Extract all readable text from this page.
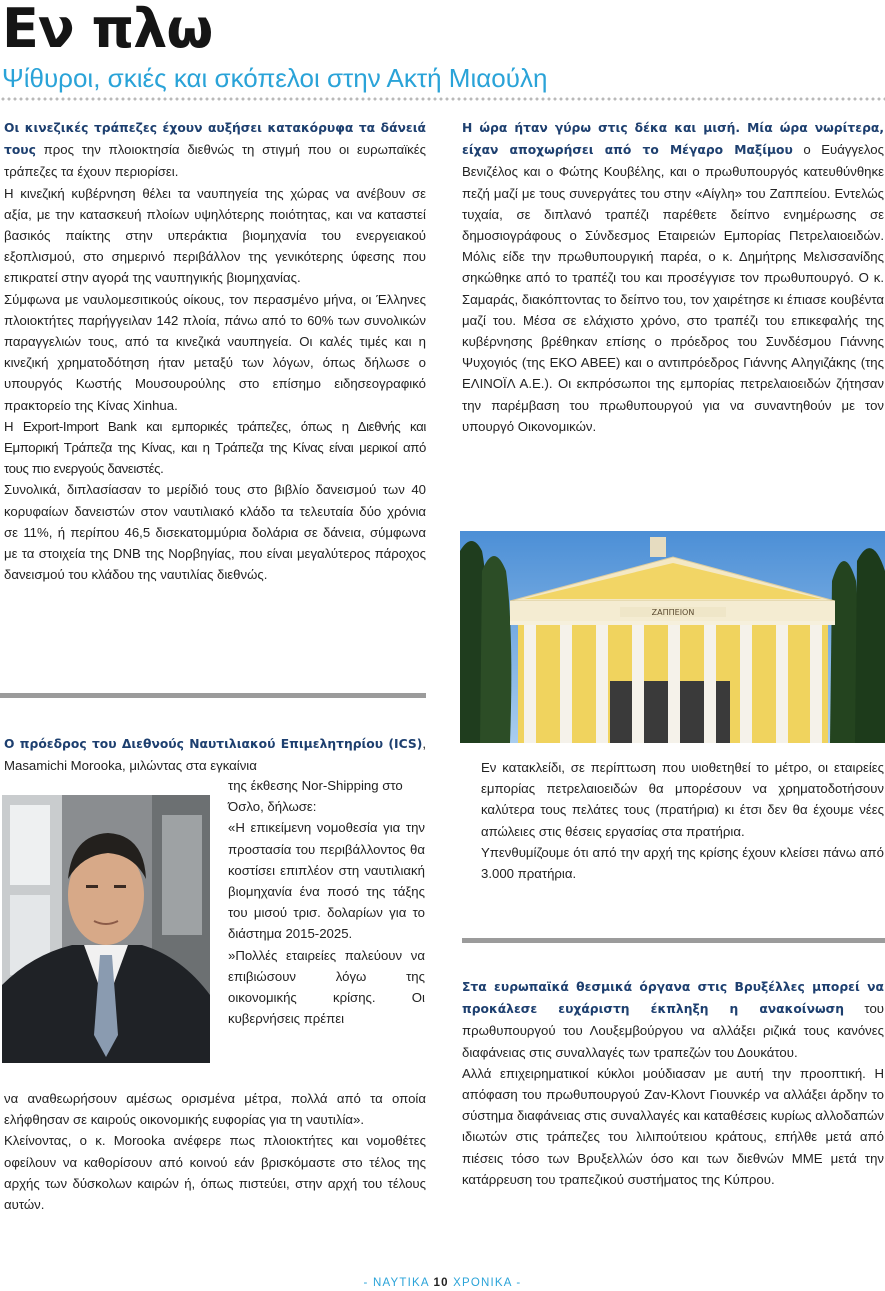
Εν πλω
Ψίθυροι, σκιές και σκόπελοι στην Ακτή Μιαούλη

Οι κινεζικές τράπεζες έχουν αυξήσει κατακόρυφα τα δάνειά τους προς την πλοιοκτησία διεθνώς τη στιγμή που οι ευρωπαϊκές τράπεζες τα έχουν περιορίσει.

Η κινεζική κυβέρνηση θέλει τα ναυπηγεία της χώρας να ανέβουν σε αξία, με την κατασκευή πλοίων υψηλότερης ποιότητας, και να καταστεί βασικός παίκτης στην υπεράκτια βιομηχανία του ενεργειακού εξοπλισμού, στο σημερινό περιβάλλον της γενικότερης ύφεσης που επικρατεί στην αγορά της ναυπηγικής βιομηχανίας.

Σύμφωνα με ναυλομεσιτικούς οίκους, τον περασμένο μήνα, οι Έλληνες πλοιοκτήτες παρήγγειλαν 142 πλοία, πάνω από το 60% των συνολικών παραγγελιών τους, από τα κινεζικά ναυπηγεία. Οι καλές τιμές και η κινεζική χρηματοδότηση ήταν μεταξύ των λόγων, όπως δήλωσε ο υπουργός Κωστής Μουσουρούλης στο επίσημο ειδησεογραφικό πρακτορείο της Κίνας Xinhua.

Η Export-Import Bank και εμπορικές τράπεζες, όπως η Διεθνής και Εμπορική Τράπεζα της Κίνας, και η Τράπεζα της Κίνας είναι μερικοί από τους πιο ενεργούς δανειστές.

Συνολικά, διπλασίασαν το μερίδιό τους στο βιβλίο δανεισμού των 40 κορυφαίων δανειστών στον ναυτιλιακό κλάδο τα τελευταία δύο χρόνια σε 11%, ή περίπου 46,5 δισεκατομμύρια δολάρια σε δάνεια, σύμφωνα με τα στοιχεία της DNB της Νορβηγίας, που είναι μεγαλύτερος πάροχος δανεισμού του κλάδου της ναυτιλίας διεθνώς.

Ο πρόεδρος του Διεθνούς Ναυτιλιακού Επιμελητηρίου (ICS), Masamichi Morooka, μιλώντας στα εγκαίνια

της έκθεσης Nor-Shipping στο Όσλο, δήλωσε:

«Η επικείμενη νομοθεσία για την προστασία του περιβάλλοντος θα κοστίσει επιπλέον στη ναυτιλιακή βιομηχανία ένα ποσό της τάξης του μισού τρισ. δολαρίων για το διάστημα 2015-2025.

»Πολλές εταιρείες παλεύουν να επιβιώσουν λόγω της οικονομικής κρίσης. Οι κυβερνήσεις πρέπει

να αναθεωρήσουν αμέσως ορισμένα μέτρα, πολλά από τα οποία ελήφθησαν σε καιρούς οικονομικής ευφορίας για τη ναυτιλία».

Κλείνοντας, ο κ. Morooka ανέφερε πως πλοιοκτήτες και νομοθέτες οφείλουν να καθορίσουν από κοινού εάν βρισκόμαστε στο τέλος της αρχής των δύσκολων καιρών ή, όπως πιστεύει, στην αρχή του τέλους αυτών.

Η ώρα ήταν γύρω στις δέκα και μισή. Μία ώρα νωρίτερα, είχαν αποχωρήσει από το Μέγαρο Μαξίμου ο Ευάγγελος Βενιζέλος και ο Φώτης Κουβέλης, και ο πρωθυπουργός κατευθύνθηκε πεζή μαζί με τους συνεργάτες του στην «Αίγλη» του Ζαππείου. Εντελώς τυχαία, σε διπλανό τραπέζι παρέθετε δείπνο ενημέρωσης σε δημοσιογράφους ο Σύνδεσμος Εταιρειών Εμπορίας Πετρελαιοειδών. Μόλις είδε την πρωθυπουργική παρέα, ο κ. Δημήτρης Μελισσανίδης σηκώθηκε από το τραπέζι του και προσέγγισε τον πρωθυπουργό. Ο κ. Σαμαράς, διακόπτοντας το δείπνο του, τον χαιρέτησε κι έπιασε κουβέντα μαζί του. Μέσα σε ελάχιστο χρόνο, στο τραπέζι του επικεφαλής της κυβέρνησης βρέθηκαν επίσης ο πρόεδρος του Συνδέσμου Γιάννης Ψυχογιός (της ΕΚΟ ΑΒΕΕ) και ο αντιπρόεδρος Γιάννης Αληγιζάκης (της ΕΛΙΝΟΪΛ Α.Ε.). Οι εκπρόσωποι της εμπορίας πετρελαιοειδών ζήτησαν την παρέμβαση του πρωθυπουργού για να συναντηθούν με τον υπουργό Οικονομικών.

ΖΑΠΠΕΙΟΝ

Εν κατακλείδι, σε περίπτωση που υιοθετηθεί το μέτρο, οι εταιρείες εμπορίας πετρελαιοειδών θα μπορέσουν να χρηματοδοτήσουν καλύτερα τους πελάτες τους (πρατήρια) κι έτσι δεν θα έχουμε νέες απώλειες στις θέσεις εργασίας στα πρατήρια.

Υπενθυμίζουμε ότι από την αρχή της κρίσης έχουν κλείσει πάνω από 3.000 πρατήρια.

Στα ευρωπαϊκά θεσμικά όργανα στις Βρυξέλλες μπορεί να προκάλεσε ευχάριστη έκπληξη η ανακοίνωση του πρωθυπουργού του Λουξεμβούργου να αλλάξει ριζικά τους κανόνες διαφάνειας στις συναλλαγές των τραπεζών του Δουκάτου.

Αλλά επιχειρηματικοί κύκλοι μούδιασαν με αυτή την προοπτική. Η απόφαση του πρωθυπουργού Ζαν-Κλοντ Γιουνκέρ να αλλάξει άρδην το σύστημα διαφάνειας στις συναλλαγές και καταθέσεις κυρίως αλλοδαπών ιδιωτών στις τράπεζες του λιλιπούτειου κράτους, επήλθε μετά από πιέσεις τόσο των Βρυξελλών όσο και των διεθνών ΜΜΕ μετά την κατάρρευση του τραπεζικού συστήματος της Κύπρου.

- ΝΑΥΤΙΚΑ 10 ΧΡΟΝΙΚΑ -
